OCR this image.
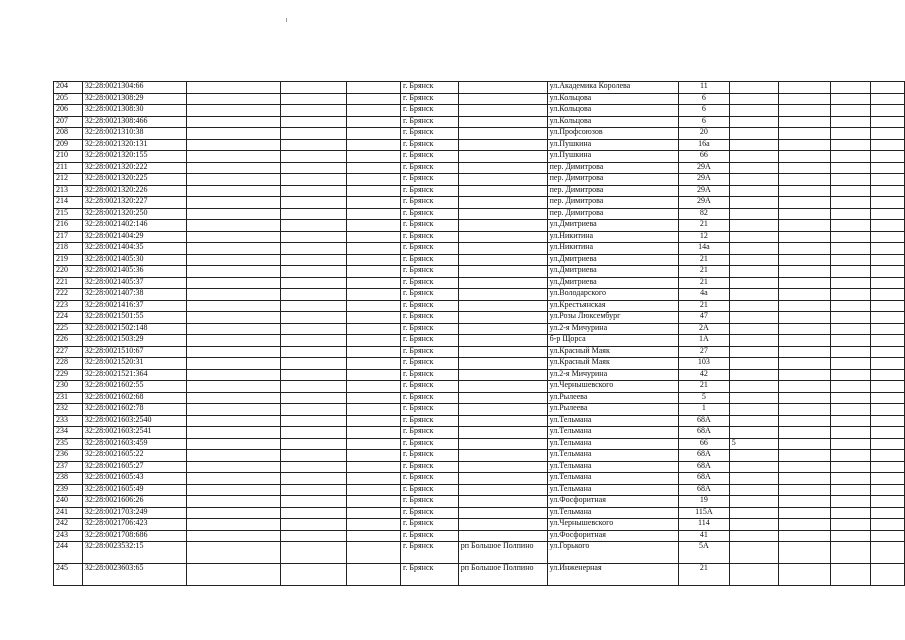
204	32:28:0021304:66				г. Брянск		ул.Академика Королева	11				
205	32:28:0021308:29				г. Брянск		ул.Кольцова	6				
206	32:28:0021308:30				г. Брянск		ул.Кольцова	6				
207	32:28:0021308:466				г. Брянск		ул.Кольцова	6				
208	32:28:0021310:38				г. Брянск		ул.Профсоюзов	20				
209	32:28:0021320:131				г. Брянск		ул.Пушкина	16а				
210	32:28:0021320:155				г. Брянск		ул.Пушкина	66				
211	32:28:0021320:222				г. Брянск		пер. Димитрова	29А				
212	32:28:0021320:225				г. Брянск		пер. Димитрова	29А				
213	32:28:0021320:226				г. Брянск		пер. Димитрова	29А				
214	32:28:0021320:227				г. Брянск		пер. Димитрова	29А				
215	32:28:0021320:250				г. Брянск		пер. Димитрова	82				
216	32:28:0021402:146				г. Брянск		ул.Дмитриева	21				
217	32:28:0021404:29				г. Брянск		ул.Никитина	12				
218	32:28:0021404:35				г. Брянск		ул.Никитина	14а				
219	32:28:0021405:30				г. Брянск		ул.Дмитриева	21				
220	32:28:0021405:36				г. Брянск		ул.Дмитриева	21				
221	32:28:0021405:37				г. Брянск		ул.Дмитриева	21				
222	32:28:0021407:38				г. Брянск		ул.Володарского	4а				
223	32:28:0021416:37				г. Брянск		ул.Крестьянская	21				
224	32:28:0021501:55				г. Брянск		ул.Розы Люксембург	47				
225	32:28:0021502:148				г. Брянск		ул.2-я Мичурина	2А				
226	32:28:0021503:29				г. Брянск		б-р Щорса	1А				
227	32:28:0021510:67				г. Брянск		ул.Красный Маяк	27				
228	32:28:0021520:31				г. Брянск		ул.Красный Маяк	103				
229	32:28:0021521:364				г. Брянск		ул.2-я Мичурина	42				
230	32:28:0021602:55				г. Брянск		ул.Чернышевского	21				
231	32:28:0021602:68				г. Брянск		ул.Рылеева	5				
232	32:28:0021602:78				г. Брянск		ул.Рылеева	1				
233	32:28:0021603:2540				г. Брянск		ул.Тельмана	68А				
234	32:28:0021603:2541				г. Брянск		ул.Тельмана	68А				
235	32:28:0021603:459				г. Брянск		ул.Тельмана	66	5			
236	32:28:0021605:22				г. Брянск		ул.Тельмана	68А				
237	32:28:0021605:27				г. Брянск		ул.Тельмана	68А				
238	32:28:0021605:43				г. Брянск		ул.Тельмана	68А				
239	32:28:0021605:49				г. Брянск		ул.Тельмана	68А				
240	32:28:0021606:26				г. Брянск		ул.Фосфоритная	19				
241	32:28:0021703:249				г. Брянск		ул.Тельмана	115А				
242	32:28:0021706:423				г. Брянск		ул.Чернышевского	114				
243	32:28:0021708:686				г. Брянск		ул.Фосфоритная	41				
244	32:28:0023532:15				г. Брянск	рп Большое Полпино	ул.Горького	5А				
245	32:28:0023603:65				г. Брянск	рп Большое Полпино	ул.Инженерная	21				
